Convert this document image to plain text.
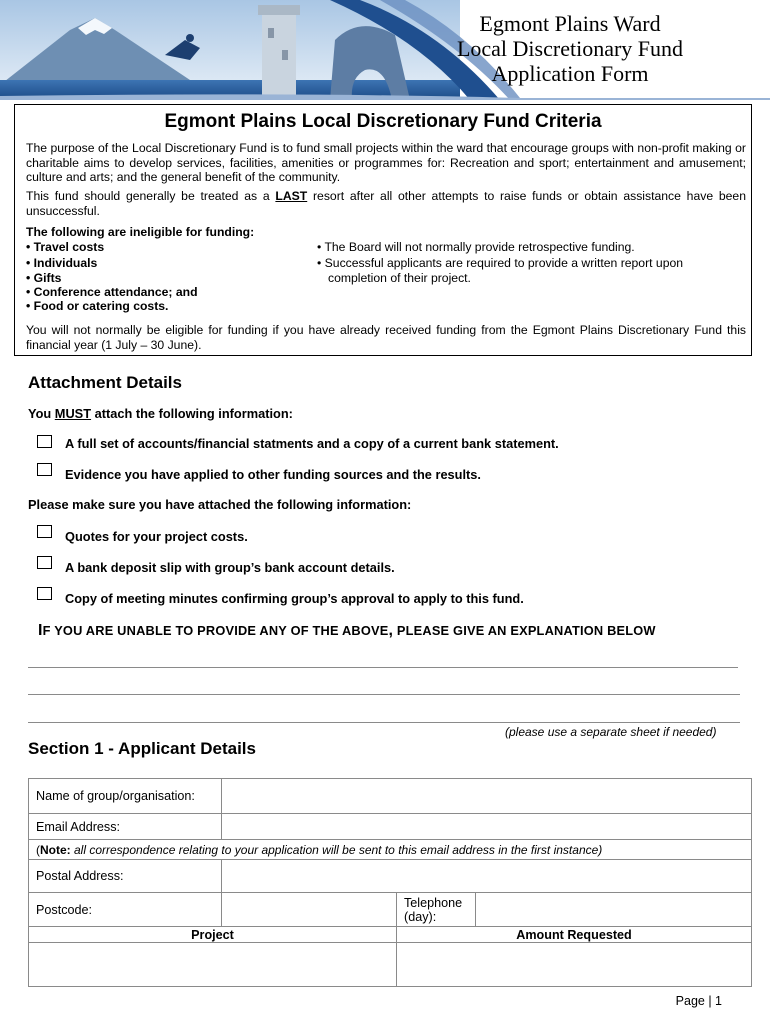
Egmont Plains Ward
Local Discretionary Fund
Application Form
Egmont Plains Local Discretionary Fund Criteria
The purpose of the Local Discretionary Fund is to fund small projects within the ward that encourage groups with non-profit making or charitable aims to develop services, facilities, amenities or programmes for: Recreation and sport; entertainment and amusement; culture and arts; and the general benefit of the community.
This fund should generally be treated as a LAST resort after all other attempts to raise funds or obtain assistance have been unsuccessful.
The following are ineligible for funding:
• Travel costs
• Individuals
• Gifts
• Conference attendance; and
• Food or catering costs.
• The Board will not normally provide retrospective funding.
• Successful applicants are required to provide a written report upon
completion of their project.
You will not normally be eligible for funding if you have already received funding from the Egmont Plains Discretionary Fund this financial year (1 July – 30 June).
Attachment Details
You MUST attach the following information:
A full set of accounts/financial statments and a copy of a current bank statement.
Evidence you have applied to other funding sources and the results.
Please make sure you have attached the following information:
Quotes for your project costs.
A bank deposit slip with group’s bank account details.
Copy of meeting minutes confirming group’s approval to apply to this fund.
IF YOU ARE UNABLE TO PROVIDE ANY OF THE ABOVE, PLEASE GIVE AN EXPLANATION BELOW
(please use a separate sheet if needed)
Section 1 - Applicant Details
Name of group/organisation:			
Email Address:			
(Note: all correspondence relating to your application will be sent to this email address in the first instance)			
Postal Address:			
Postcode:		Telephone (day):	
Project		Amount Requested	

Page | 1
